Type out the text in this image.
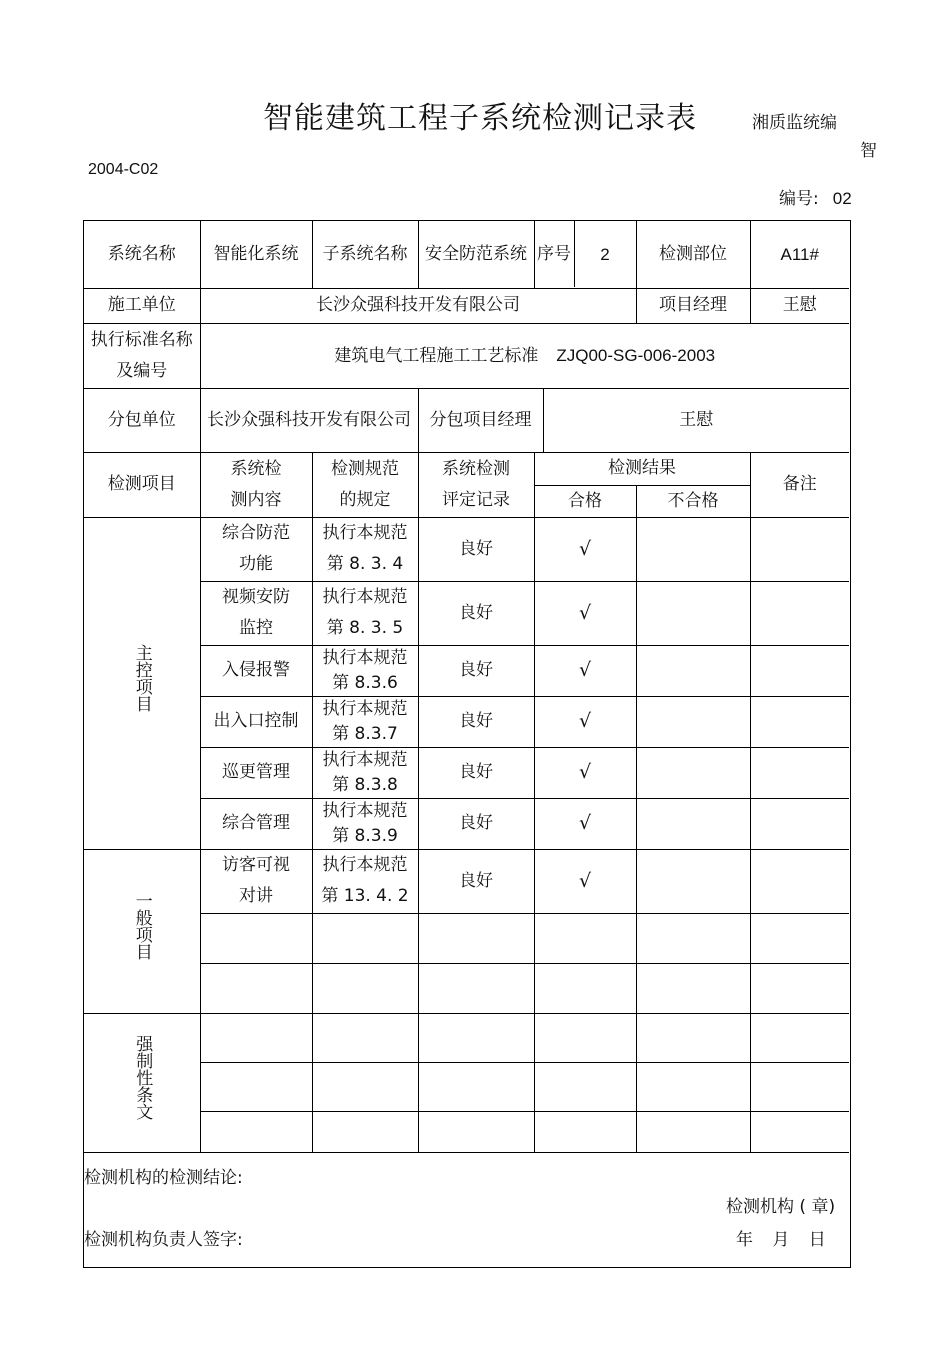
智能建筑工程子系统检测记录表	湘质监统编
智
2004-C02
编号: 02
系统名称	智能化系统	子系统名称	安全防范系统	序号 2		检测部位	A11#
施工单位	长沙众强科技开发有限公司					项目经理	王慰
执行标准名称及编号	建筑电气工程施工工艺标准 ZJQ00-SG-006-2003						
分包单位	长沙众强科技开发有限公司		分包项目经理		王慰		
检测项目	系统检测内容	检测规范的规定	系统检测评定记录	检测结果			备注
				合格		不合格	
主控项目	综合防范功能	执行本规范第 8. 3. 4	良好	√			
	视频安防监控	执行本规范第 8. 3. 5	良好	√			
	入侵报警	执行本规范第 8.3.6	良好	√			
	出入口控制	执行本规范第 8.3.7	良好	√			
	巡更管理	执行本规范第 8.3.8	良好	√			
	综合管理	执行本规范第 8.3.9	良好	√			
一般项目	访客可视对讲	执行本规范第 13. 4. 2	良好	√			

强制性条文							

检测机构的检测结论:
检测机构 ( 章)
检测机构负责人签字:	年 月 日
